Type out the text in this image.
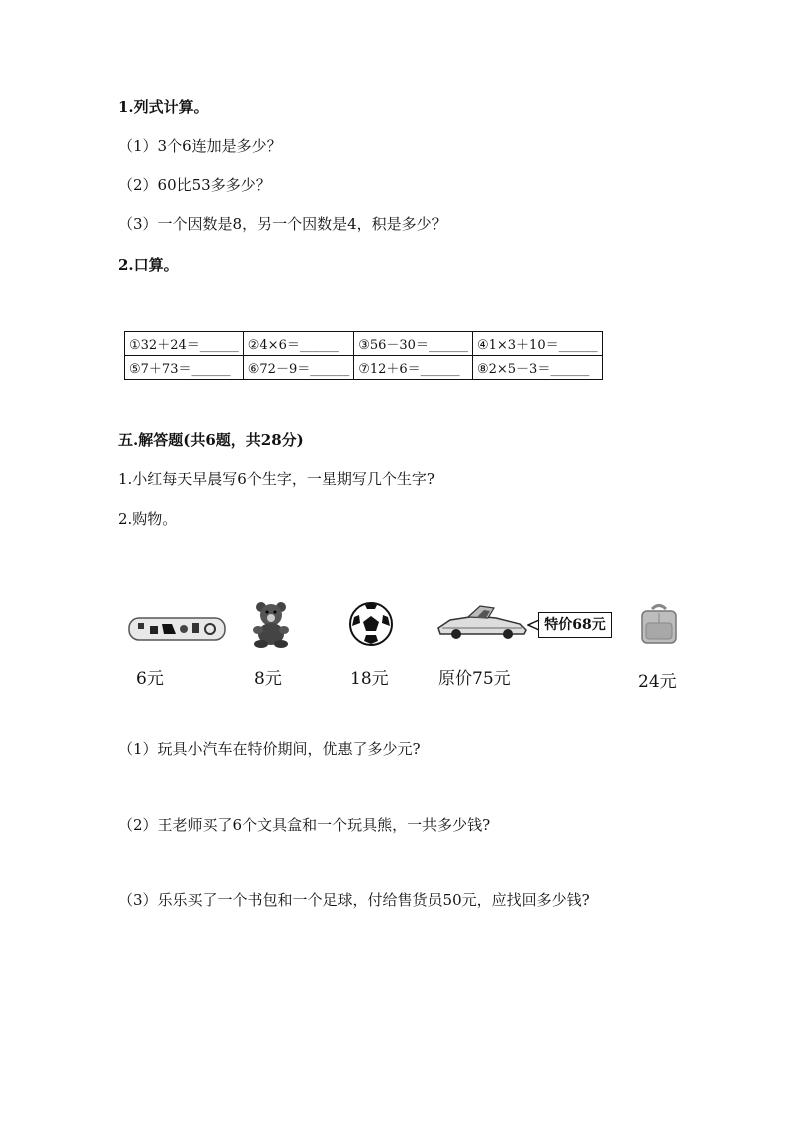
1.列式计算。
（1）3个6连加是多少？
（2）60比53多多少？
（3）一个因数是8，另一个因数是4，积是多少？
2.口算。
①32＋24＝______	②4×6＝______	③56－30＝______	④1×3＋10＝______
⑤7＋73＝______	⑥72－9＝______	⑦12＋6＝______	⑧2×5－3＝______
五.解答题(共6题，共28分)
1.小红每天早晨写6个生字，一星期写几个生字?
2.购物。
6元	8元	18元	原价75元
特价68元
24元
（1）玩具小汽车在特价期间，优惠了多少元?
（2）王老师买了6个文具盒和一个玩具熊，一共多少钱?
（3）乐乐买了一个书包和一个足球，付给售货员50元，应找回多少钱?
